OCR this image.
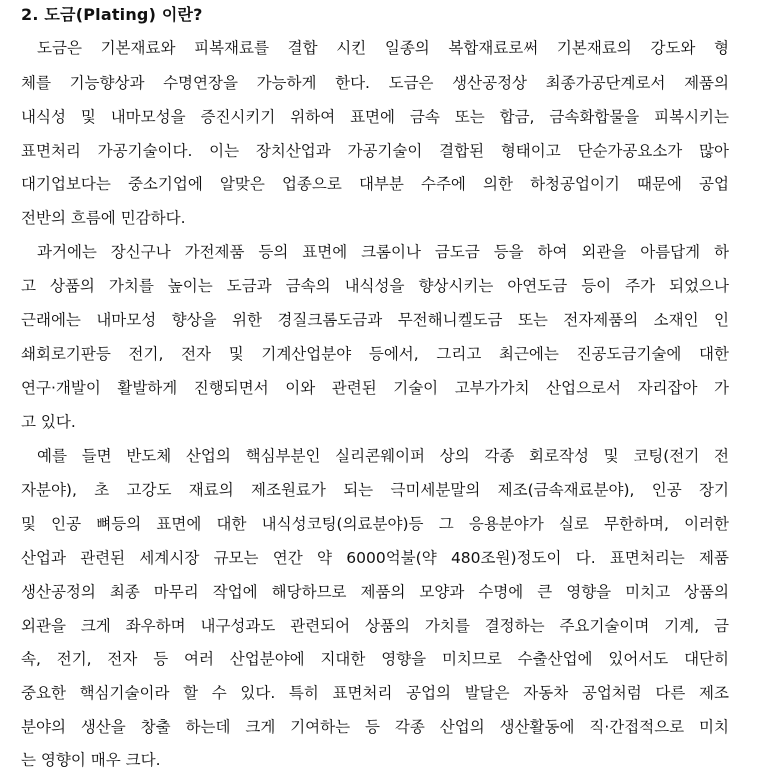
2. 도금(Plating) 이란?
도금은 기본재료와 피복재료를 결합 시킨 일종의 복합재료로써 기본재료의 강도와 형
체를 기능향상과 수명연장을 가능하게 한다. 도금은 생산공정상 최종가공단계로서 제품의
내식성 및 내마모성을 증진시키기 위하여 표면에 금속 또는 합금, 금속화합물을 피복시키는
표면처리 가공기술이다. 이는 장치산업과 가공기술이 결합된 형태이고 단순가공요소가 많아
대기업보다는 중소기업에 알맞은 업종으로 대부분 수주에 의한 하청공업이기 때문에 공업
전반의 흐름에 민감하다.
과거에는 장신구나 가전제품 등의 표면에 크롬이나 금도금 등을 하여 외관을 아름답게 하
고 상품의 가치를 높이는 도금과 금속의 내식성을 향상시키는 아연도금 등이 주가 되었으나
근래에는 내마모성 향상을 위한 경질크롬도금과 무전해니켈도금 또는 전자제품의 소재인 인
쇄회로기판등 전기, 전자 및 기계산업분야 등에서, 그리고 최근에는 진공도금기술에 대한
연구·개발이 활발하게 진행되면서 이와 관련된 기술이 고부가가치 산업으로서 자리잡아 가
고 있다.
예를 들면 반도체 산업의 핵심부분인 실리콘웨이퍼 상의 각종 회로작성 및 코팅(전기 전
자분야), 초 고강도 재료의 제조원료가 되는 극미세분말의 제조(금속재료분야), 인공 장기
및 인공 뼈등의 표면에 대한 내식성코팅(의료분야)등 그 응용분야가 실로 무한하며, 이러한
산업과 관련된 세계시장 규모는 연간 약 6000억불(약 480조원)정도이 다. 표면처리는 제품
생산공정의 최종 마무리 작업에 해당하므로 제품의 모양과 수명에 큰 영향을 미치고 상품의
외관을 크게 좌우하며 내구성과도 관련되어 상품의 가치를 결정하는 주요기술이며 기계, 금
속, 전기, 전자 등 여러 산업분야에 지대한 영향을 미치므로 수출산업에 있어서도 대단히
중요한 핵심기술이라 할 수 있다. 특히 표면처리 공업의 발달은 자동차 공업처럼 다른 제조
분야의 생산을 창출 하는데 크게 기여하는 등 각종 산업의 생산활동에 직·간접적으로 미치
는 영향이 매우 크다.
